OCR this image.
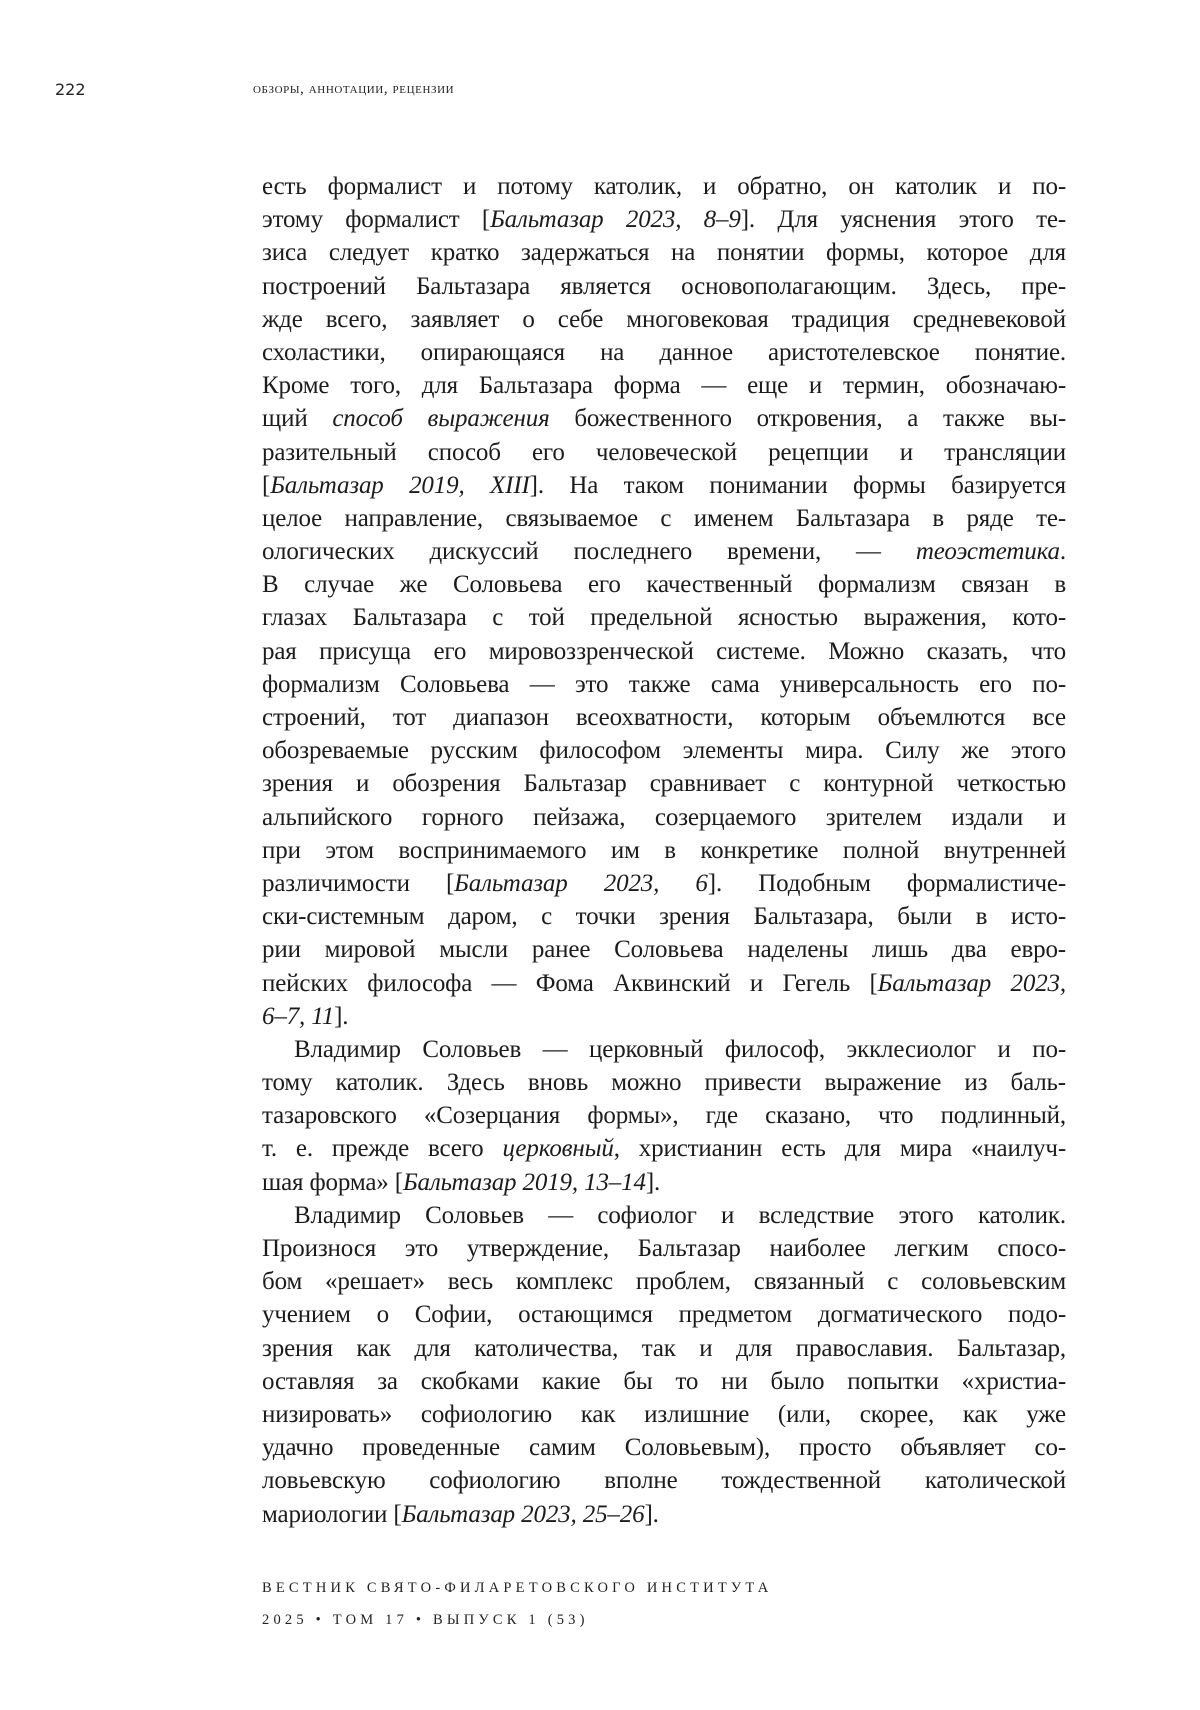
222	обзоры, аннотации, рецензии
есть формалист и потому католик, и обратно, он католик и по-
этому формалист [Бальтазар 2023, 8–9]. Для уяснения этого те-
зиса следует кратко задержаться на понятии формы, которое для
построений Бальтазара является основополагающим. Здесь, пре-
жде всего, заявляет о себе многовековая традиция средневековой
схоластики, опирающаяся на данное аристотелевское понятие.
Кроме того, для Бальтазара форма — еще и термин, обозначаю-
щий способ выражения божественного откровения, а также вы-
разительный способ его человеческой рецепции и трансляции
[Бальтазар 2019, XIII]. На таком понимании формы базируется
целое направление, связываемое с именем Бальтазара в ряде те-
ологических дискуссий последнего времени, — теоэстетика.
В случае же Соловьева его качественный формализм связан в
глазах Бальтазара с той предельной ясностью выражения, кото-
рая присуща его мировоззренческой системе. Можно сказать, что
формализм Соловьева — это также сама универсальность его по-
строений, тот диапазон всеохватности, которым объемлются все
обозреваемые русским философом элементы мира. Силу же этого
зрения и обозрения Бальтазар сравнивает с контурной четкостью
альпийского горного пейзажа, созерцаемого зрителем издали и
при этом воспринимаемого им в конкретике полной внутренней
различимости [Бальтазар 2023, 6]. Подобным формалистиче-
ски-системным даром, с точки зрения Бальтазара, были в исто-
рии мировой мысли ранее Соловьева наделены лишь два евро-
пейских философа — Фома Аквинский и Гегель [Бальтазар 2023,
6–7, 11].
Владимир Соловьев — церковный философ, экклесиолог и по-
тому католик. Здесь вновь можно привести выражение из баль-
тазаровского «Созерцания формы», где сказано, что подлинный,
т. е. прежде всего церковный, христианин есть для мира «наилуч-
шая форма» [Бальтазар 2019, 13–14].
Владимир Соловьев — софиолог и вследствие этого католик.
Произнося это утверждение, Бальтазар наиболее легким спосо-
бом «решает» весь комплекс проблем, связанный с соловьевским
учением о Софии, остающимся предметом догматического подо-
зрения как для католичества, так и для православия. Бальтазар,
оставляя за скобками какие бы то ни было попытки «христиа-
низировать» софиологию как излишние (или, скорее, как уже
удачно проведенные самим Соловьевым), просто объявляет со-
ловьевскую софиологию вполне тождественной католической
мариологии [Бальтазар 2023, 25–26].
ВЕСТНИК СВЯТО-ФИЛАРЕТОВСКОГО ИНСТИТУТА
2025 • ТОМ 17 • ВЫПУСК 1 (53)
